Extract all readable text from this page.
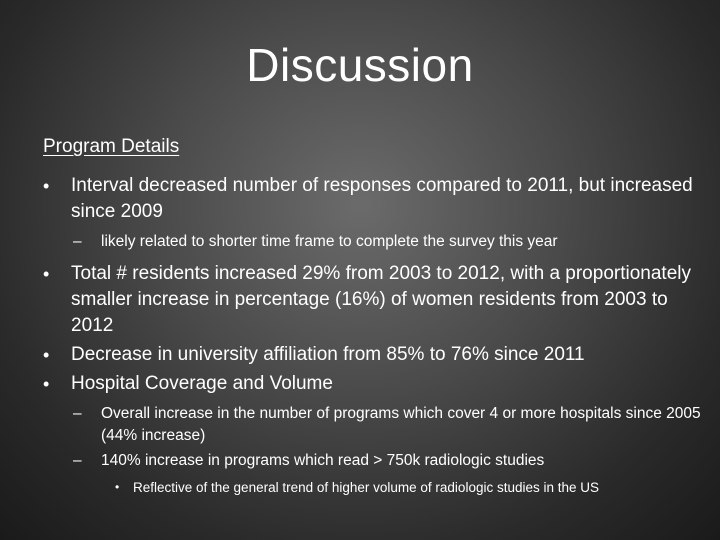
Discussion
Program Details
• Interval decreased number of responses compared to 2011, but increased since 2009
– likely related to shorter time frame to complete the survey this year
• Total # residents increased 29% from 2003 to 2012, with a proportionately smaller increase in percentage (16%) of women residents from 2003 to 2012
• Decrease in university affiliation from 85% to 76% since 2011
• Hospital Coverage and Volume
– Overall increase in the number of programs which cover 4 or more hospitals since 2005 (44% increase)
– 140% increase in programs which read > 750k radiologic studies
• Reflective of the general trend of higher volume of radiologic studies in the US
